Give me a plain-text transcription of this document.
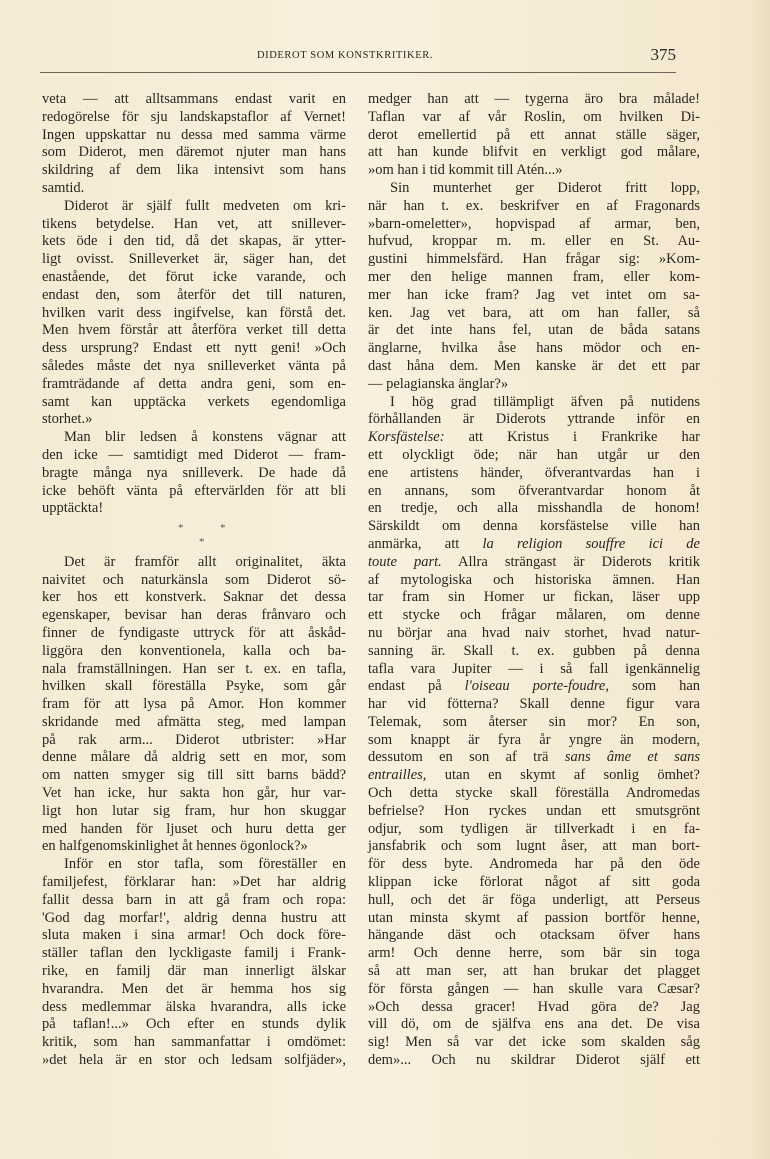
DIDEROT SOM KONSTKRITIKER.	375
veta — att alltsammans endast varit en
redogörelse för sju landskapstaflor af Vernet!
Ingen uppskattar nu dessa med samma värme
som Diderot, men däremot njuter man hans
skildring af dem lika intensivt som hans
samtid.
Diderot är själf fullt medveten om kri-
tikens betydelse. Han vet, att snillever-
kets öde i den tid, då det skapas, är ytter-
ligt ovisst. Snilleverket är, säger han, det
enastående, det förut icke varande, och
endast den, som återför det till naturen,
hvilken varit dess ingifvelse, kan förstå det.
Men hvem förstår att återföra verket till detta
dess ursprung? Endast ett nytt geni! »Och
således måste det nya snilleverket vänta på
framträdande af detta andra geni, som en-
samt kan upptäcka verkets egendomliga
storhet.»
Man blir ledsen å konstens vägnar att
den icke — samtidigt med Diderot — fram-
bragte många nya snilleverk. De hade då
icke behöft vänta på eftervärlden för att bli
upptäckta!
*	*
*
Det är framför allt originalitet, äkta
naivitet och naturkänsla som Diderot sö-
ker hos ett konstverk. Saknar det dessa
egenskaper, bevisar han deras frånvaro och
finner de fyndigaste uttryck för att åskåd-
liggöra den konventionela, kalla och ba-
nala framställningen. Han ser t. ex. en tafla,
hvilken skall föreställa Psyke, som går
fram för att lysa på Amor. Hon kommer
skridande med afmätta steg, med lampan
på rak arm... Diderot utbrister: »Har
denne målare då aldrig sett en mor, som
om natten smyger sig till sitt barns bädd?
Vet han icke, hur sakta hon går, hur var-
ligt hon lutar sig fram, hur hon skuggar
med handen för ljuset och huru detta ger
en halfgenomskinlighet åt hennes ögonlock?»
Inför en stor tafla, som föreställer en
familjefest, förklarar han: »Det har aldrig
fallit dessa barn in att gå fram och ropa:
'God dag morfar!', aldrig denna hustru att
sluta maken i sina armar! Och dock före-
ställer taflan den lyckligaste familj i Frank-
rike, en familj där man innerligt älskar
hvarandra. Men det är hemma hos sig
dess medlemmar älska hvarandra, alls icke
på taflan!...» Och efter en stunds dylik
kritik, som han sammanfattar i omdömet:
»det hela är en stor och ledsam solfjäder»,
medger han att — tygerna äro bra målade!
Taflan var af vår Roslin, om hvilken Di-
derot emellertid på ett annat ställe säger,
att han kunde blifvit en verkligt god målare,
»om han i tid kommit till Atén...»
Sin munterhet ger Diderot fritt lopp,
när han t. ex. beskrifver en af Fragonards
»barn-omeletter», hopvispad af armar, ben,
hufvud, kroppar m. m. eller en St. Au-
gustini himmelsfärd. Han frågar sig: »Kom-
mer den helige mannen fram, eller kom-
mer han icke fram? Jag vet intet om sa-
ken. Jag vet bara, att om han faller, så
är det inte hans fel, utan de båda satans
änglarne, hvilka åse hans mödor och en-
dast håna dem. Men kanske är det ett par
— pelagianska änglar?»
I hög grad tillämpligt äfven på nutidens
förhållanden är Diderots yttrande inför en
Korsfästelse: att Kristus i Frankrike har
ett olyckligt öde; när han utgår ur den
ene artistens händer, öfverantvardas han i
en annans, som öfverantvardar honom åt
en tredje, och alla misshandla de honom!
Särskildt om denna korsfästelse ville han
anmärka, att la religion souffre ici de
toute part. Allra strängast är Diderots kritik
af mytologiska och historiska ämnen. Han
tar fram sin Homer ur fickan, läser upp
ett stycke och frågar målaren, om denne
nu börjar ana hvad naiv storhet, hvad natur-
sanning är. Skall t. ex. gubben på denna
tafla vara Jupiter — i så fall igenkännelig
endast på l'oiseau porte-foudre, som han
har vid fötterna? Skall denne figur vara
Telemak, som återser sin mor? En son,
som knappt är fyra år yngre än modern,
dessutom en son af trä sans âme et sans
entrailles, utan en skymt af sonlig ömhet?
Och detta stycke skall föreställa Andromedas
befrielse? Hon ryckes undan ett smutsgrönt
odjur, som tydligen är tillverkadt i en fa-
jansfabrik och som lugnt åser, att man bort-
för dess byte. Andromeda har på den öde
klippan icke förlorat något af sitt goda
hull, och det är föga underligt, att Perseus
utan minsta skymt af passion bortför henne,
hängande däst och otacksam öfver hans
arm! Och denne herre, som bär sin toga
så att man ser, att han brukar det plagget
för första gången — han skulle vara Cæsar?
»Och dessa gracer! Hvad göra de? Jag
vill dö, om de själfva ens ana det. De visa
sig! Men så var det icke som skalden såg
dem»... Och nu skildrar Diderot själf ett
